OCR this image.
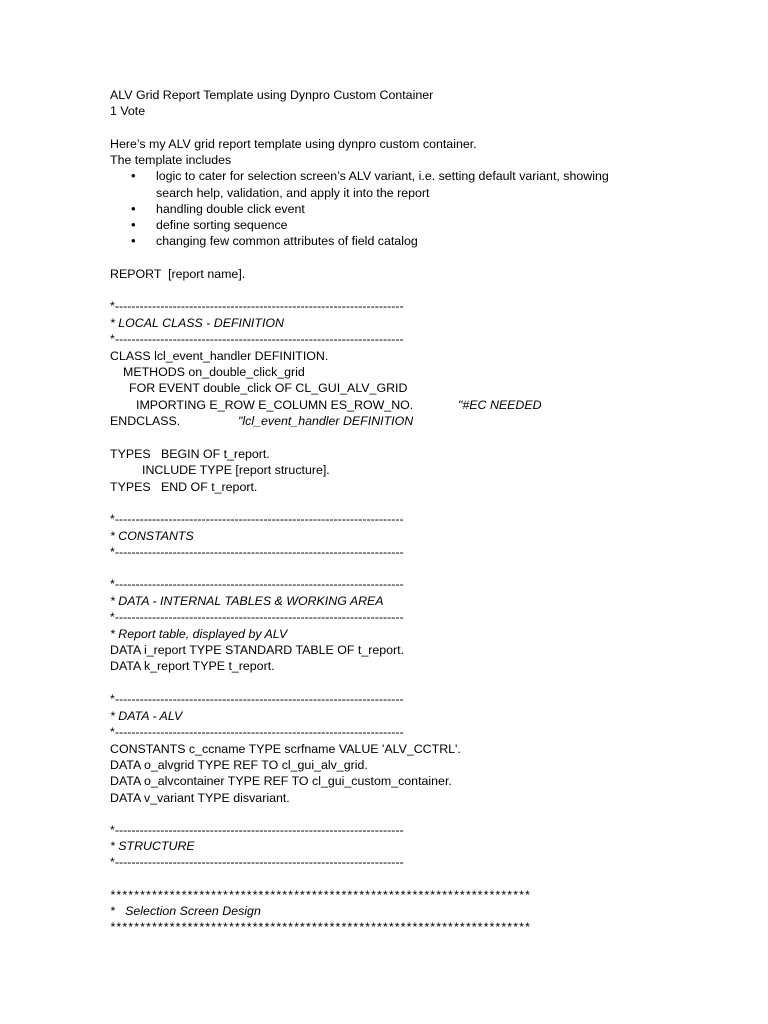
ALV Grid Report Template using Dynpro Custom Container
1 Vote
Here’s my ALV grid report template using dynpro custom container.
The template includes
• logic to cater for selection screen’s ALV variant, i.e. setting default variant, showing
search help, validation, and apply it into the report
• handling double click event
• define sorting sequence
• changing few common attributes of field catalog
REPORT  [report name].
*----------------------------------------------------------------------
* LOCAL CLASS - DEFINITION
*----------------------------------------------------------------------
CLASS lcl_event_handler DEFINITION.
METHODS on_double_click_grid
FOR EVENT double_click OF CL_GUI_ALV_GRID
IMPORTING E_ROW E_COLUMN ES_ROW_NO.	"#EC NEEDED
ENDCLASS.	"lcl_event_handler DEFINITION
TYPES   BEGIN OF t_report.
INCLUDE TYPE [report structure].
TYPES   END OF t_report.
*----------------------------------------------------------------------
* CONSTANTS
*----------------------------------------------------------------------
*----------------------------------------------------------------------
* DATA - INTERNAL TABLES & WORKING AREA
*----------------------------------------------------------------------
* Report table, displayed by ALV
DATA i_report TYPE STANDARD TABLE OF t_report.
DATA k_report TYPE t_report.
*----------------------------------------------------------------------
* DATA - ALV
*----------------------------------------------------------------------
CONSTANTS c_ccname TYPE scrfname VALUE 'ALV_CCTRL'.
DATA o_alvgrid TYPE REF TO cl_gui_alv_grid.
DATA o_alvcontainer TYPE REF TO cl_gui_custom_container.
DATA v_variant TYPE disvariant.
*----------------------------------------------------------------------
* STRUCTURE
*----------------------------------------------------------------------
***********************************************************************
*   Selection Screen Design
***********************************************************************
